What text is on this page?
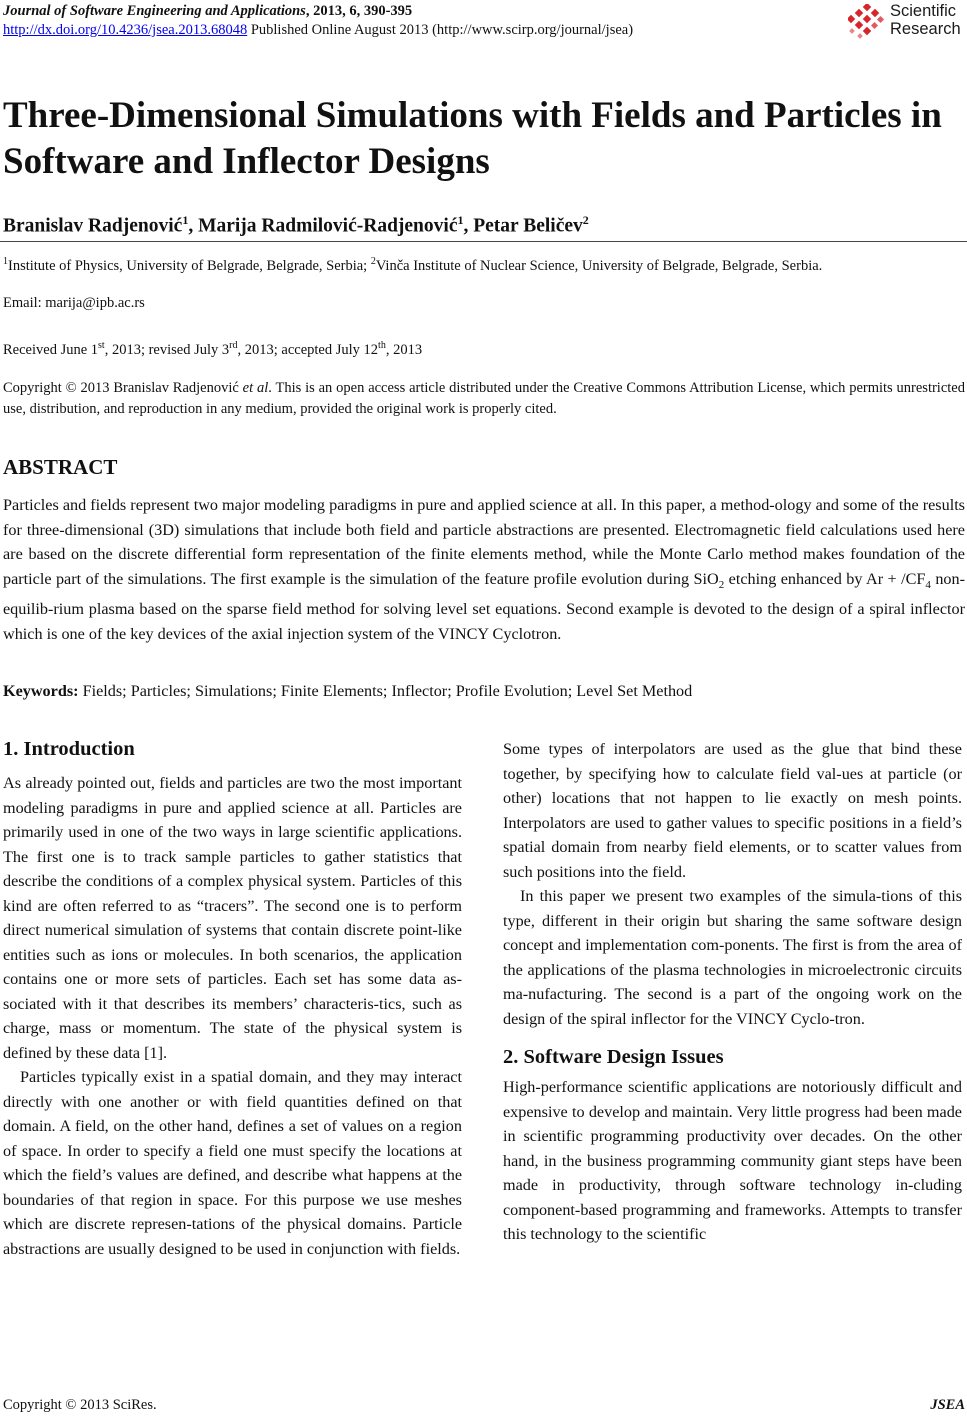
Journal of Software Engineering and Applications, 2013, 6, 390-395
http://dx.doi.org/10.4236/jsea.2013.68048 Published Online August 2013 (http://www.scirp.org/journal/jsea)
Scientific
Research
Three-Dimensional Simulations with Fields and Particles in Software and Inflector Designs
Branislav Radjenović$^1$, Marija Radmilović-Radjenović$^1$, Petar Beličev$^2$
$^1$Institute of Physics, University of Belgrade, Belgrade, Serbia; $^2$Vinča Institute of Nuclear Science, University of Belgrade, Belgrade, Serbia.
Email: marija@ipb.ac.rs
Received June 1st, 2013; revised July 3rd, 2013; accepted July 12th, 2013
Copyright © 2013 Branislav Radjenović et al. This is an open access article distributed under the Creative Commons Attribution License, which permits unrestricted use, distribution, and reproduction in any medium, provided the original work is properly cited.
ABSTRACT
Particles and fields represent two major modeling paradigms in pure and applied science at all. In this paper, a method-ology and some of the results for three-dimensional (3D) simulations that include both field and particle abstractions are presented. Electromagnetic field calculations used here are based on the discrete differential form representation of the finite elements method, while the Monte Carlo method makes foundation of the particle part of the simulations. The first example is the simulation of the feature profile evolution during SiO$_2$ etching enhanced by $Ar + /CF_4$ non-equilib-rium plasma based on the sparse field method for solving level set equations. Second example is devoted to the design of a spiral inflector which is one of the key devices of the axial injection system of the VINCY Cyclotron.
Keywords: Fields; Particles; Simulations; Finite Elements; Inflector; Profile Evolution; Level Set Method
1. Introduction

As already pointed out, fields and particles are two the most important modeling paradigms in pure and applied science at all. Particles are primarily used in one of the two ways in large scientific applications. The first one is to track sample particles to gather statistics that describe the conditions of a complex physical system. Particles of this kind are often referred to as “tracers”. The second one is to perform direct numerical simulation of systems that contain discrete point-like entities such as ions or molecules. In both scenarios, the application contains one or more sets of particles. Each set has some data as-sociated with it that describes its members’ characteris-tics, such as charge, mass or momentum. The state of the physical system is defined by these data [1].

Particles typically exist in a spatial domain, and they may interact directly with one another or with field quantities defined on that domain. A field, on the other hand, defines a set of values on a region of space. In order to specify a field one must specify the locations at which the field’s values are defined, and describe what happens at the boundaries of that region in space. For this purpose we use meshes which are discrete represen-tations of the physical domains. Particle abstractions are usually designed to be used in conjunction with fields.

Some types of interpolators are used as the glue that bind these together, by specifying how to calculate field val-ues at particle (or other) locations that not happen to lie exactly on mesh points. Interpolators are used to gather values to specific positions in a field’s spatial domain from nearby field elements, or to scatter values from such positions into the field.

In this paper we present two examples of the simula-tions of this type, different in their origin but sharing the same software design concept and implementation com-ponents. The first is from the area of the applications of the plasma technologies in microelectronic circuits ma-nufacturing. The second is a part of the ongoing work on the design of the spiral inflector for the VINCY Cyclo-tron.

2. Software Design Issues

High-performance scientific applications are notoriously difficult and expensive to develop and maintain. Very little progress had been made in scientific programming productivity over decades. On the other hand, in the business programming community giant steps have been made in productivity, through software technology in-cluding component-based programming and frameworks. Attempts to transfer this technology to the scientific

Copyright © 2013 SciRes.	JSEA
